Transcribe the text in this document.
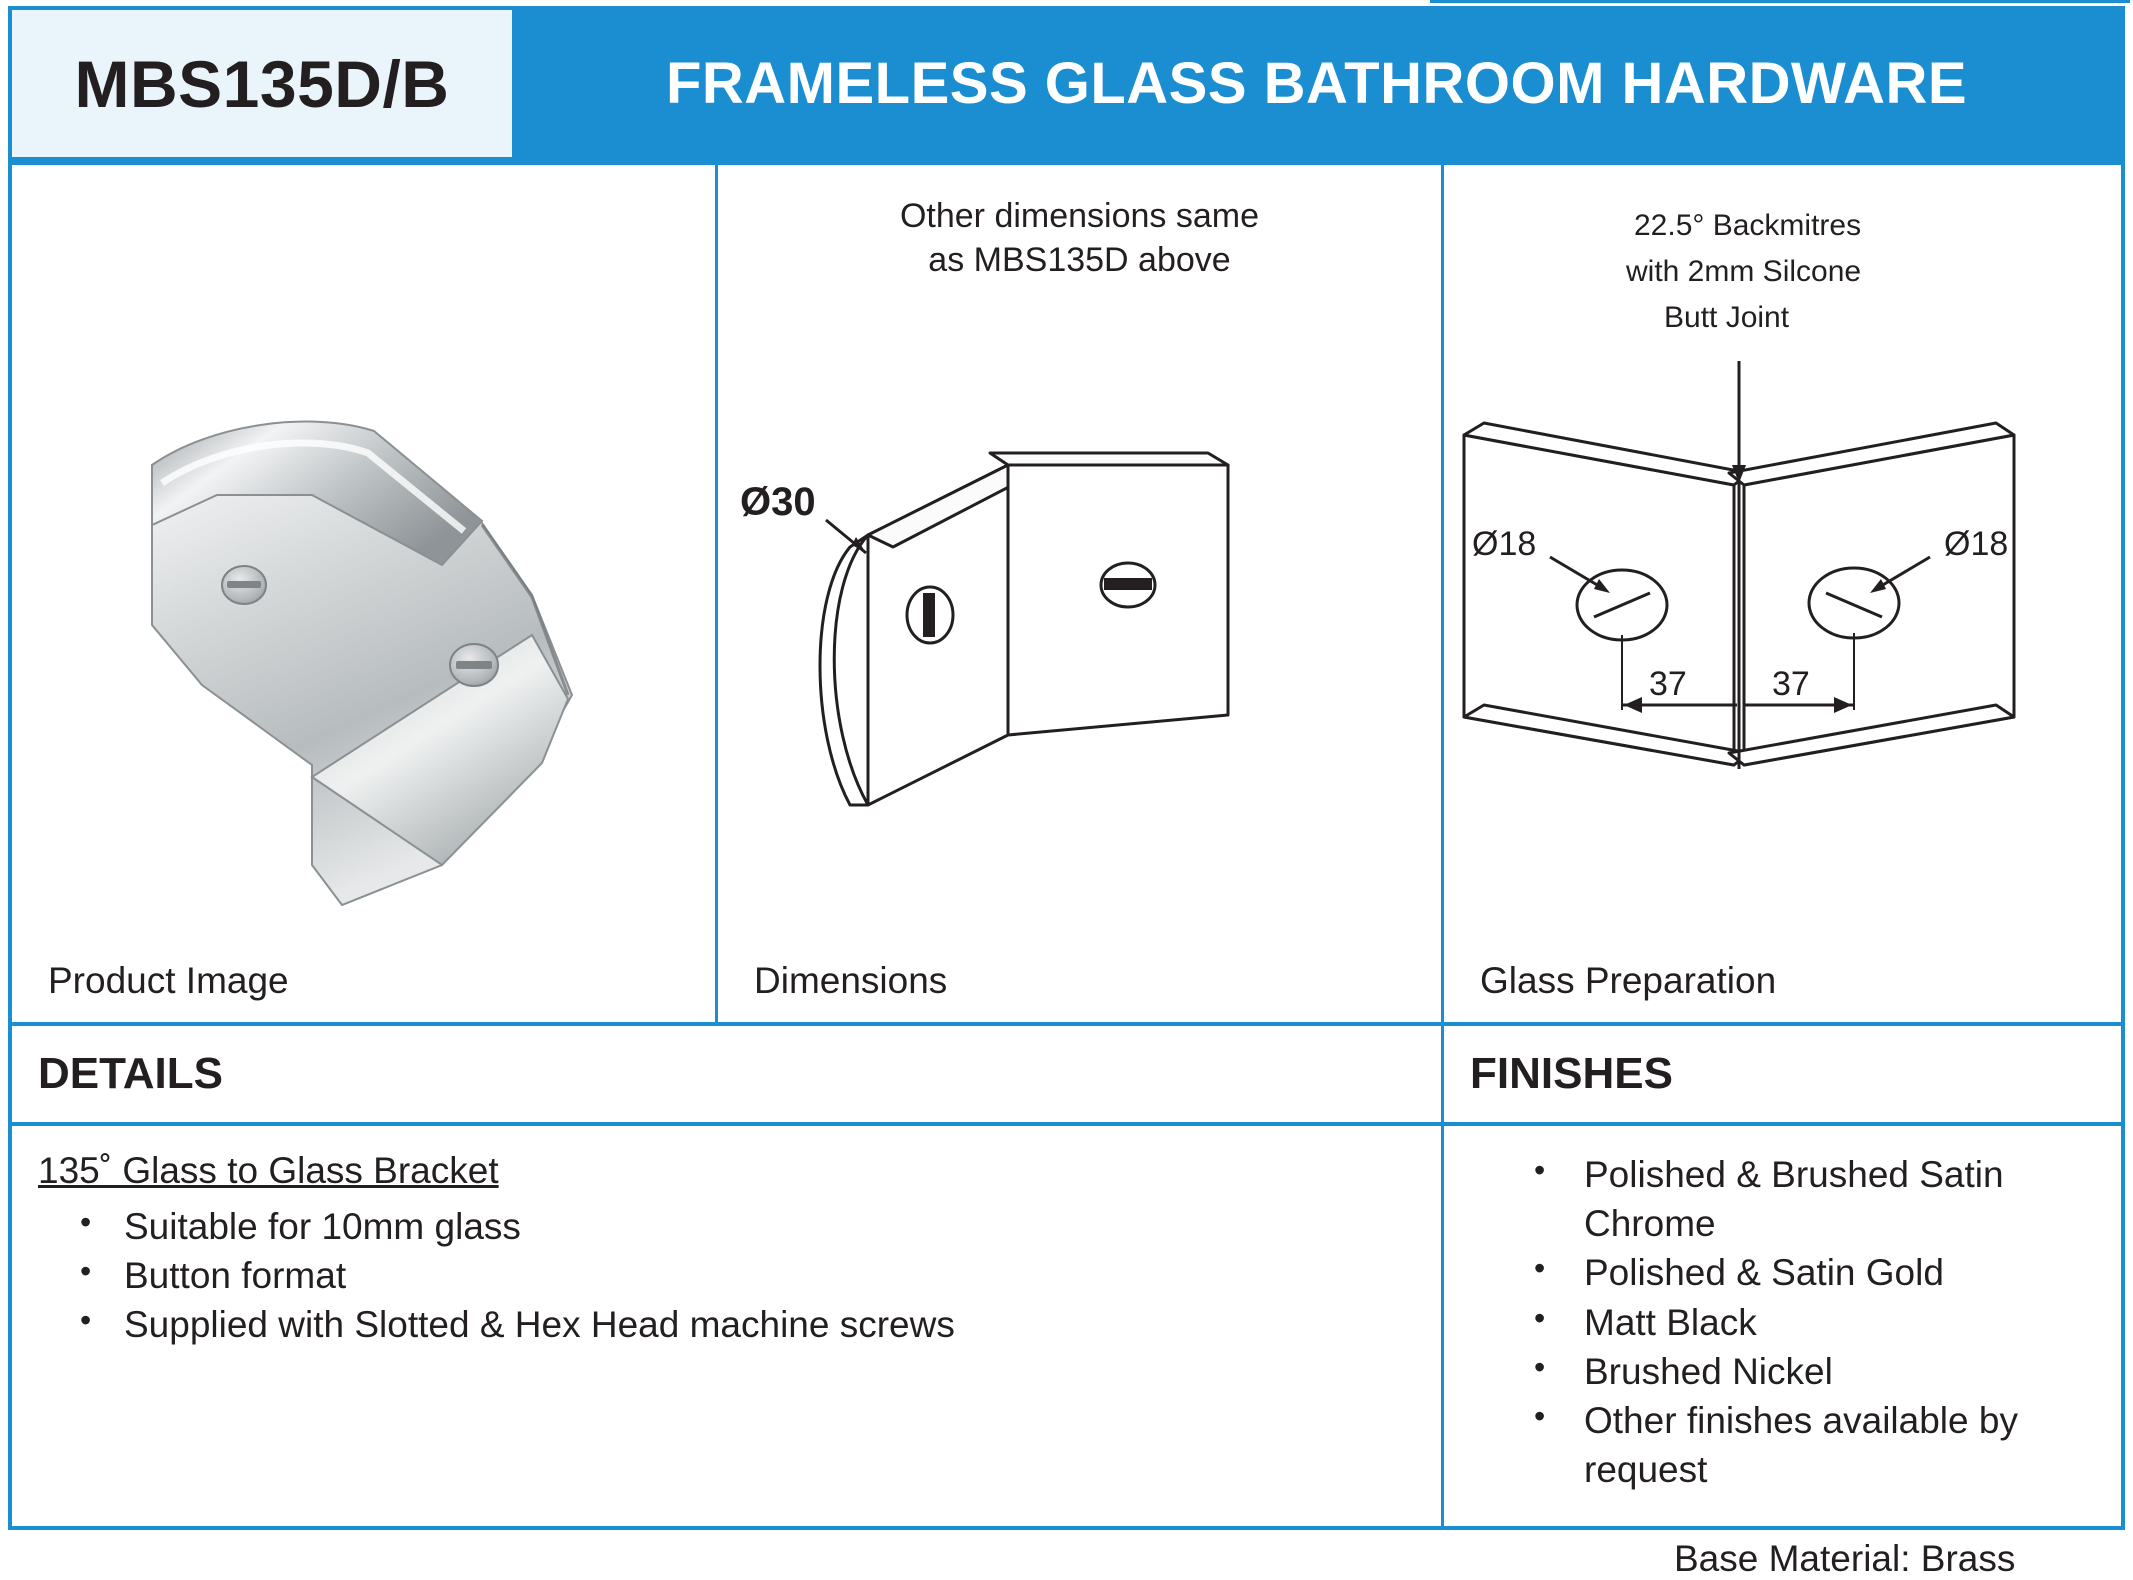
MBS135D/B	FRAMELESS GLASS BATHROOM HARDWARE
Product Image
Other dimensions same
as MBS135D above
Ø30
Dimensions
Ø18	Ø18
37	37
22.5° Backmitres
with 2mm Silcone
Butt Joint
Glass Preparation
DETAILS	FINISHES
135˚ Glass to Glass Bracket
• Suitable for 10mm glass
• Button format
• Supplied with Slotted & Hex Head machine screws
• Polished & Brushed Satin Chrome
• Polished & Satin Gold
• Matt Black
• Brushed Nickel
• Other finishes available by request
Base Material: Brass
